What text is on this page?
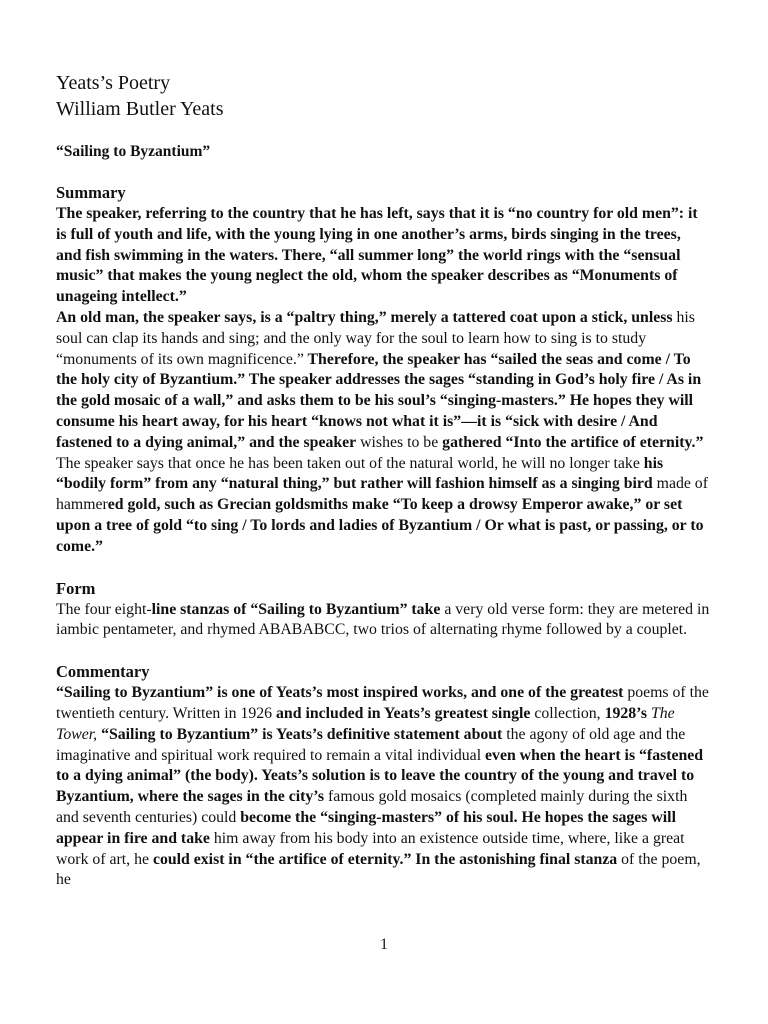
Yeats’s Poetry
William Butler Yeats

“Sailing to Byzantium”

Summary

The speaker, referring to the country that he has left, says that it is “no country for old men”: it is full of youth and life, with the young lying in one another’s arms, birds singing in the trees, and fish swimming in the waters. There, “all summer long” the world rings with the “sensual music” that makes the young neglect the old, whom the speaker describes as “Monuments of unageing intellect.”

An old man, the speaker says, is a “paltry thing,” merely a tattered coat upon a stick, unless his soul can clap its hands and sing; and the only way for the soul to learn how to sing is to study “monuments of its own magnificence.” Therefore, the speaker has “sailed the seas and come / To the holy city of Byzantium.” The speaker addresses the sages “standing in God’s holy fire / As in the gold mosaic of a wall,” and asks them to be his soul’s “singing-masters.” He hopes they will consume his heart away, for his heart “knows not what it is”—it is “sick with desire / And fastened to a dying animal,” and the speaker wishes to be gathered “Into the artifice of eternity.”

The speaker says that once he has been taken out of the natural world, he will no longer take his “bodily form” from any “natural thing,” but rather will fashion himself as a singing bird made of hammered gold, such as Grecian goldsmiths make “To keep a drowsy Emperor awake,” or set upon a tree of gold “to sing / To lords and ladies of Byzantium / Or what is past, or passing, or to come.”

Form

The four eight-line stanzas of “Sailing to Byzantium” take a very old verse form: they are metered in iambic pentameter, and rhymed ABABABCC, two trios of alternating rhyme followed by a couplet.

Commentary

“Sailing to Byzantium” is one of Yeats’s most inspired works, and one of the greatest poems of the twentieth century. Written in 1926 and included in Yeats’s greatest single collection, 1928’s The Tower, “Sailing to Byzantium” is Yeats’s definitive statement about the agony of old age and the imaginative and spiritual work required to remain a vital individual even when the heart is “fastened to a dying animal” (the body). Yeats’s solution is to leave the country of the young and travel to Byzantium, where the sages in the city’s famous gold mosaics (completed mainly during the sixth and seventh centuries) could become the “singing-masters” of his soul. He hopes the sages will appear in fire and take him away from his body into an existence outside time, where, like a great work of art, he could exist in “the artifice of eternity.” In the astonishing final stanza of the poem, he

1
